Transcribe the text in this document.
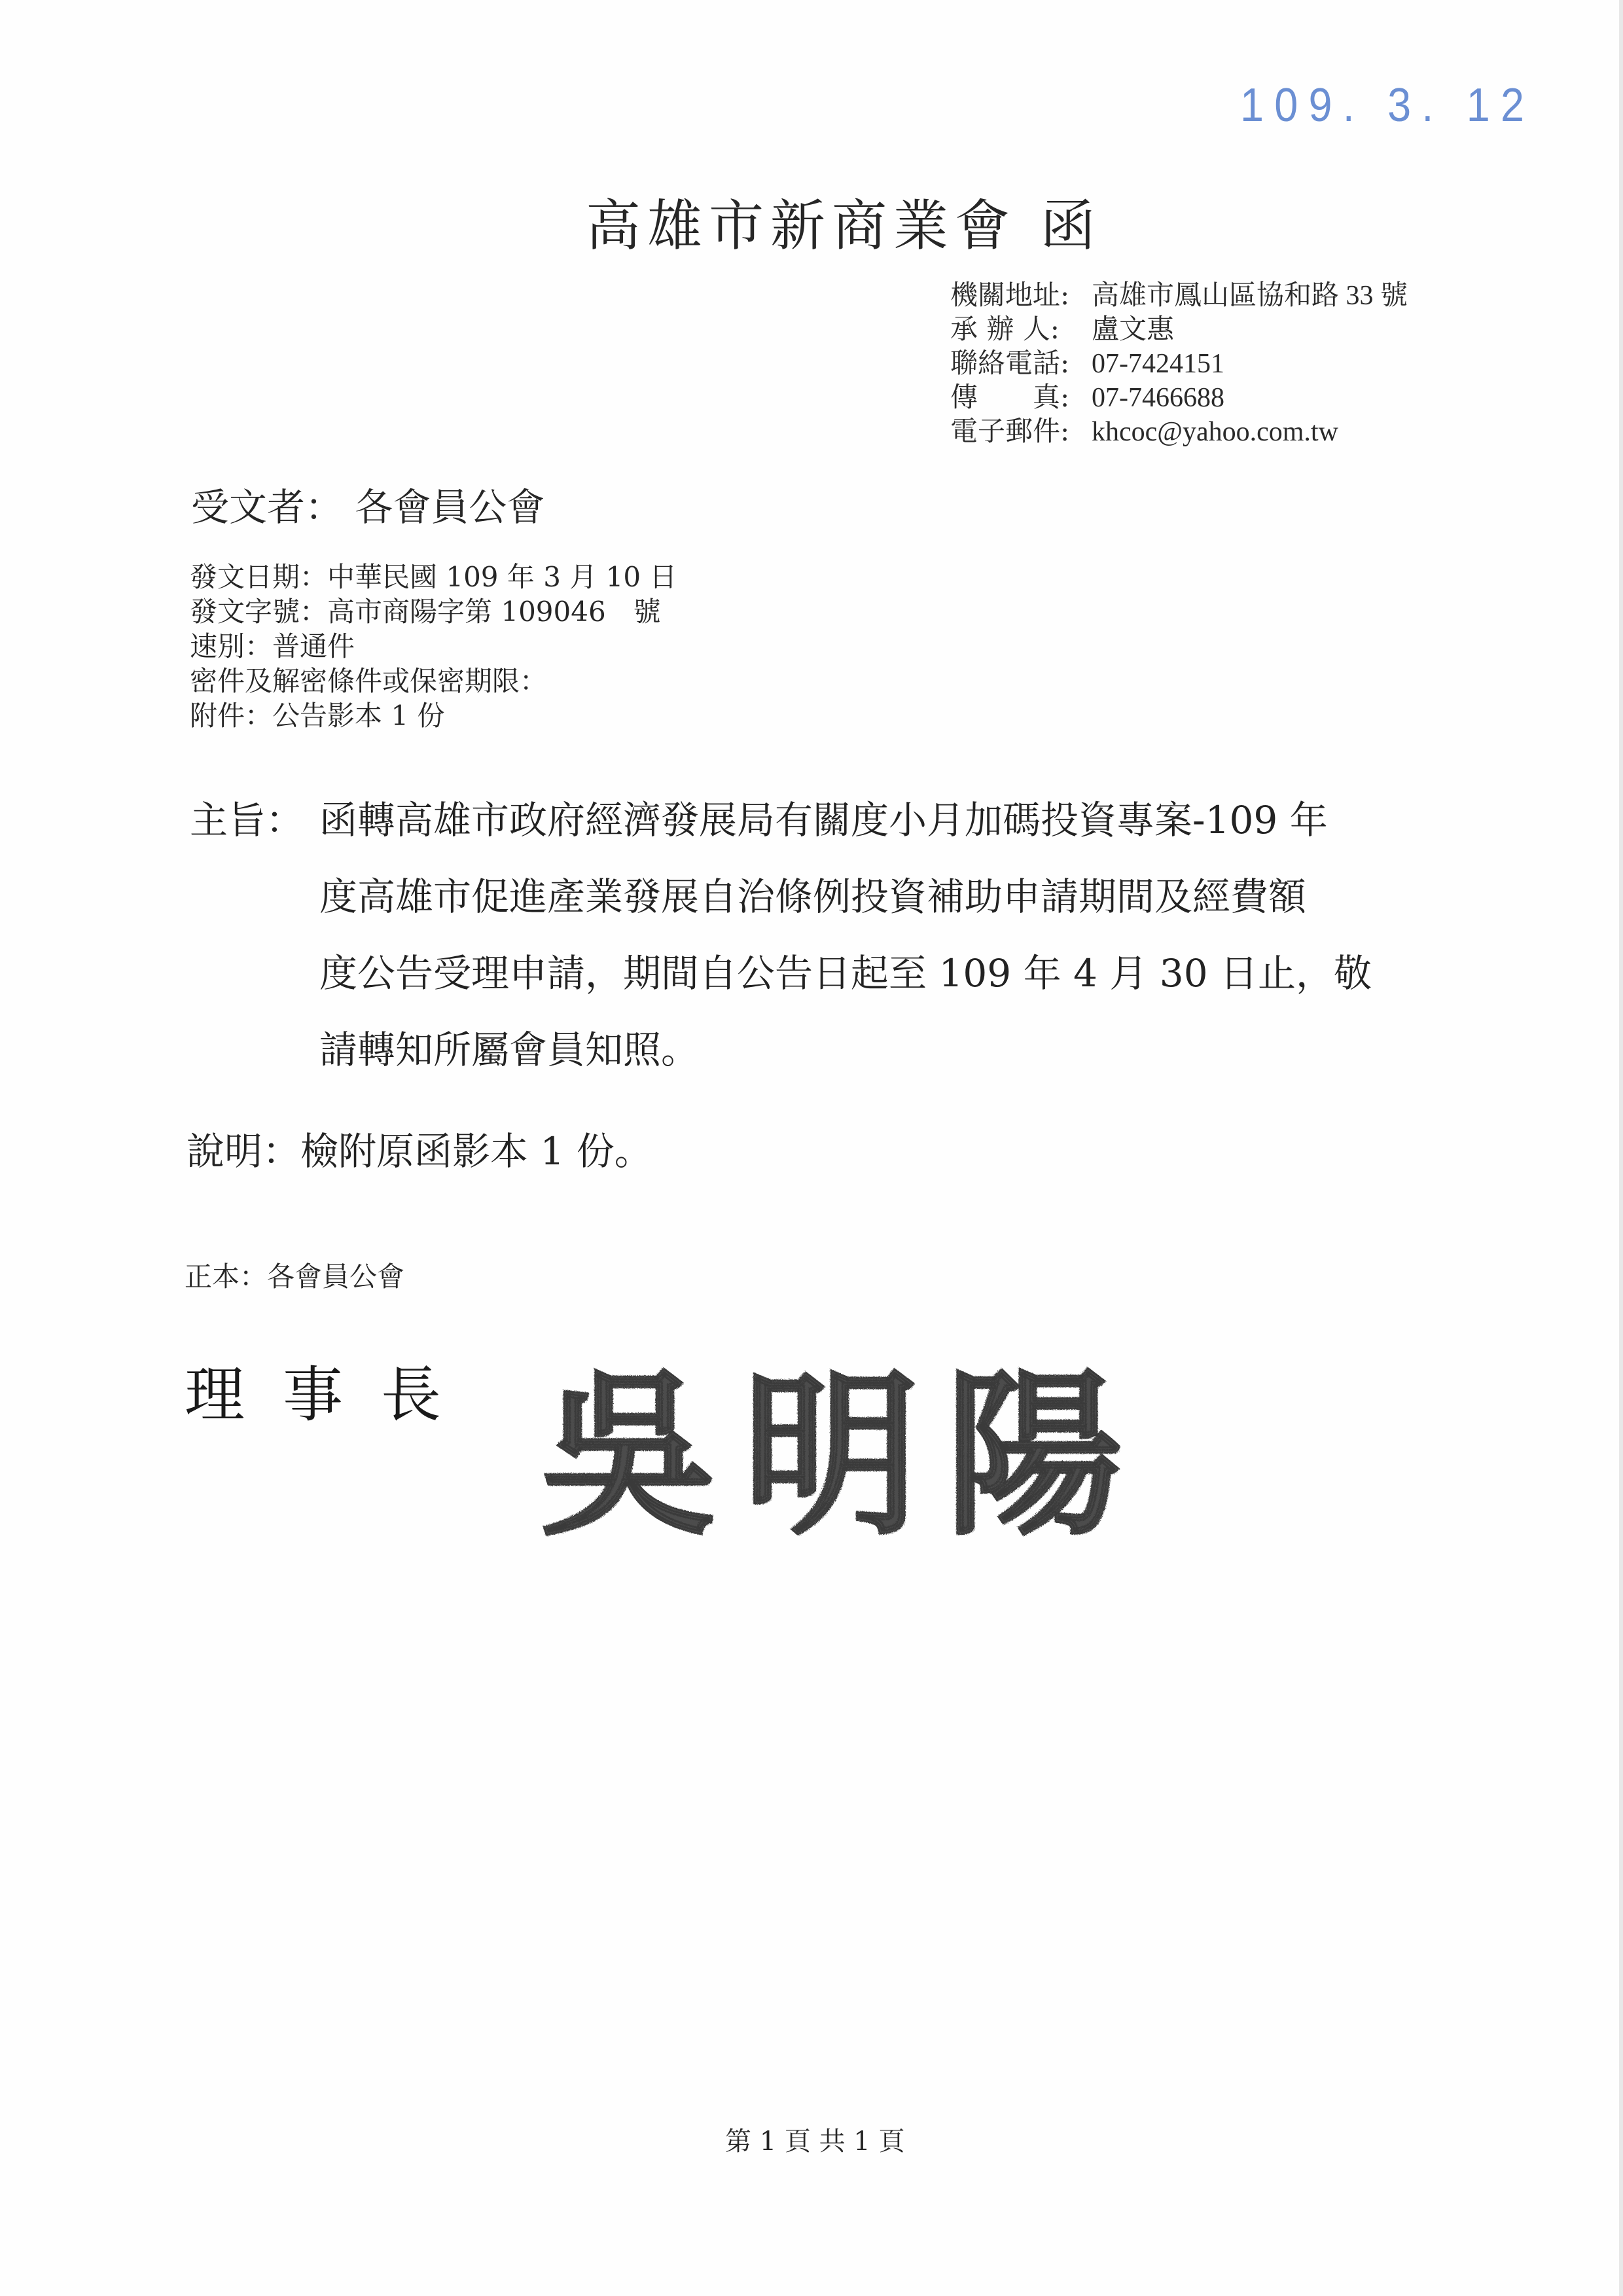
109. 3. 12
高雄市新商業會 函
機關地址: 高雄市鳳山區協和路 33 號
承 辦 人: 盧文惠
聯絡電話: 07-7424151
傳　　真: 07-7466688
電子郵件: khcoc@yahoo.com.tw
受文者： 各會員公會
發文日期：中華民國 109 年 3 月 10 日
發文字號：高市商陽字第 109046　號
速別：普通件
密件及解密條件或保密期限：
附件：公告影本 1 份
主旨： 函轉高雄市政府經濟發展局有關度小月加碼投資專案-109 年
度高雄市促進產業發展自治條例投資補助申請期間及經費額
度公告受理申請，期間自公告日起至 109 年 4 月 30 日止，敬
請轉知所屬會員知照。
說明：檢附原函影本 1 份。
正本：各會員公會
理事長 吳明陽
第 1 頁 共 1 頁
